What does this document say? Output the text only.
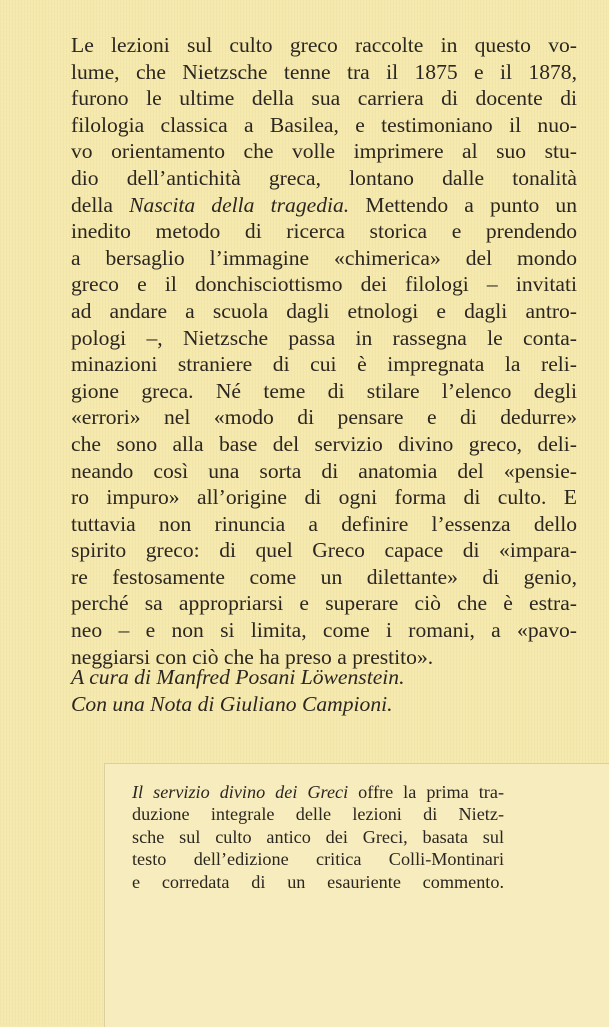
Le lezioni sul culto greco raccolte in questo vo-
lume, che Nietzsche tenne tra il 1875 e il 1878,
furono le ultime della sua carriera di docente di
filologia classica a Basilea, e testimoniano il nuo-
vo orientamento che volle imprimere al suo stu-
dio dell’antichità greca, lontano dalle tonalità
della Nascita della tragedia. Mettendo a punto un
inedito metodo di ricerca storica e prendendo
a bersaglio l’immagine «chimerica» del mondo
greco e il donchisciottismo dei filologi – invitati
ad andare a scuola dagli etnologi e dagli antro-
pologi –, Nietzsche passa in rassegna le conta-
minazioni straniere di cui è impregnata la reli-
gione greca. Né teme di stilare l’elenco degli
«errori» nel «modo di pensare e di dedurre»
che sono alla base del servizio divino greco, deli-
neando così una sorta di anatomia del «pensie-
ro impuro» all’origine di ogni forma di culto. E
tuttavia non rinuncia a definire l’essenza dello
spirito greco: di quel Greco capace di «impara-
re festosamente come un dilettante» di genio,
perché sa appropriarsi e superare ciò che è estra-
neo – e non si limita, come i romani, a «pavo-
neggiarsi con ciò che ha preso a prestito».
A cura di Manfred Posani Löwenstein.
Con una Nota di Giuliano Campioni.
Il servizio divino dei Greci offre la prima tra-
duzione integrale delle lezioni di Nietz-
sche sul culto antico dei Greci, basata sul
testo dell’edizione critica Colli-Montinari
e corredata di un esauriente commento.
